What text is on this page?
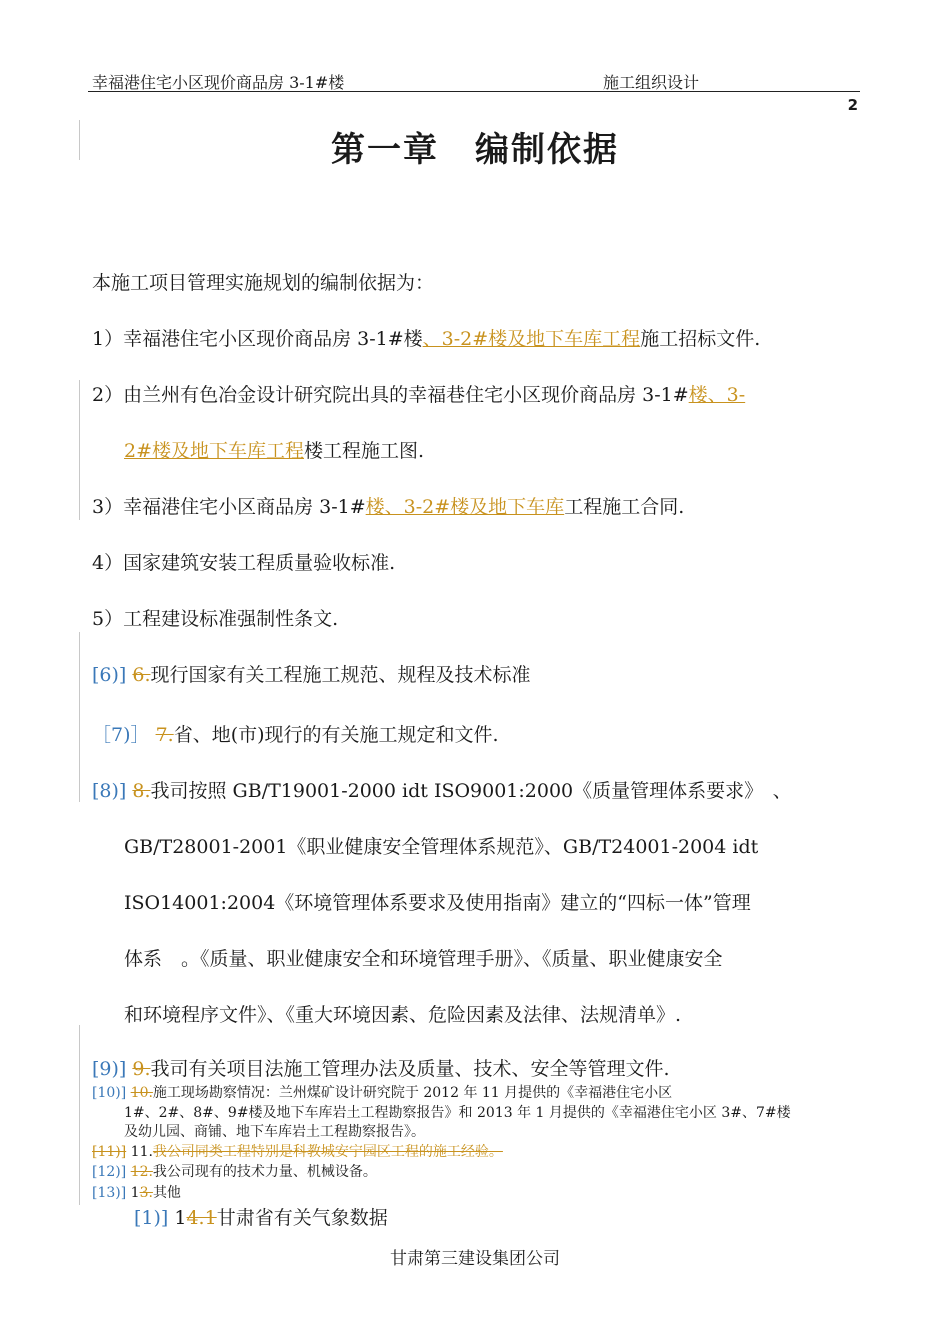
幸福港住宅小区现价商品房 3-1#楼	施工组织设计
2
第一章　编制依据
本施工项目管理实施规划的编制依据为：
1）幸福港住宅小区现价商品房 3-1#楼、3-2#楼及地下车库工程施工招标文件.
2）由兰州有色冶金设计研究院出具的幸福巷住宅小区现价商品房 3-1#楼、3-
2#楼及地下车库工程楼工程施工图.
3）幸福港住宅小区商品房 3-1#楼、3-2#楼及地下车库工程施工合同.
4）国家建筑安装工程质量验收标准.
5）工程建设标准强制性条文.
[6)] 6.现行国家有关工程施工规范、规程及技术标准
［7)］ 7.省、地(市)现行的有关施工规定和文件.
[8)] 8.我司按照 GB/T19001-2000 idt ISO9001:2000《质量管理体系要求》　、
GB/T28001-2001《职业健康安全管理体系规范》、GB/T24001-2004 idt
ISO14001:2004《环境管理体系要求及使用指南》建立的“四标一体”管理
体系　。《质量、职业健康安全和环境管理手册》、《质量、职业健康安全
和环境程序文件》、《重大环境因素、危险因素及法律、法规清单》.
[9)] 9.我司有关项目法施工管理办法及质量、技术、安全等管理文件.
[10)] 10.施工现场勘察情况：兰州煤矿设计研究院于 2012 年 11 月提供的《幸福港住宅小区
1#、2#、8#、9#楼及地下车库岩土工程勘察报告》和 2013 年 1 月提供的《幸福港住宅小区 3#、7#楼
及幼儿园、商铺、地下车库岩土工程勘察报告》。
[11)] 11.我公司同类工程特别是科教城安宁园区工程的施工经验。
[12)] 12.我公司现有的技术力量、机械设备。
[13)] 13.其他
[1)] 14.1甘肃省有关气象数据
甘肃第三建设集团公司
